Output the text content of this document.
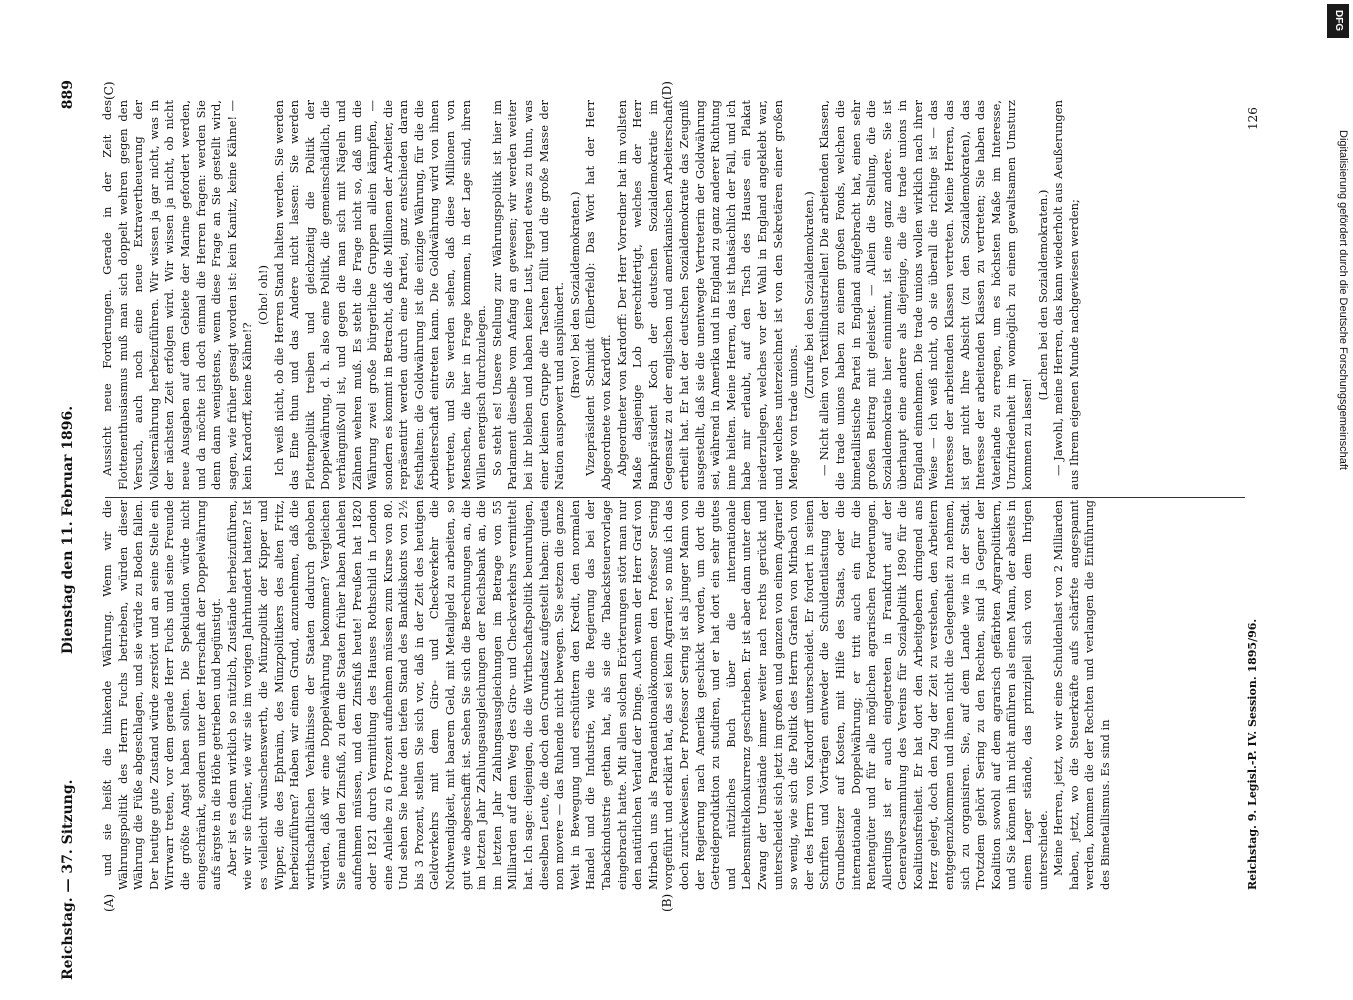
Reichstag. — 37. Sitzung.
Dienstag den 11. Februar 1896.
889
(A)	(B)
(C)	(D)

und sie heißt die hinkende Währung. Wenn wir die Währungspolitik des Herrn Fuchs betrieben, würden dieser Währung die Füße abgeschlagen, und sie würde zu Boden fallen. Der heutige gute Zustand würde zerstört und an seine Stelle ein Wirrwarr treten, vor dem gerade Herr Fuchs und seine Freunde die größte Angst haben sollten. Die Spekulation würde nicht eingeschränkt, sondern unter der Herrschaft der Doppelwährung aufs ärgste in die Höhe getrieben und begünstigt. Aber ist es denn wirklich so nützlich, Zustände herbeizuführen, wie wir sie früher, wie wir sie im vorigen Jahrhundert hatten? Ist es vielleicht wünschenswerth, die Münzpolitik der Kipper und Wipper, die des Ephraim, des Münzpolitikers des alten Fritz, herbeizuführen? Haben wir einen Grund, anzunehmen, daß die wirthschaftlichen Verhältnisse der Staaten dadurch gehoben würden, daß wir eine Doppelwährung bekommen? Vergleichen Sie einmal den Zinsfuß, zu dem die Staaten früher haben Anlehen aufnehmen müssen, und den Zinsfuß heute! Preußen hat 1820 oder 1821 durch Vermittlung des Hauses Rothschild in London eine Anleihe zu 6 Prozent aufnehmen müssen zum Kurse von 80. Und sehen Sie heute den tiefen Stand des Bankdiskonts von 2½ bis 3 Prozent, stellen Sie sich vor, daß in der Zeit des heutigen Geldverkehrs mit dem Giro- und Checkverkehr die Nothwendigkeit, mit baarem Geld, mit Metallgeld zu arbeiten, so gut wie abgeschafft ist. Sehen Sie sich die Berechnungen an, die im letzten Jahr Zahlungsausgleichungen der Reichsbank an, die im letzten Jahr Zahlungsausgleichungen im Betrage von 55 Milliarden auf dem Weg des Giro- und Checkverkehrs vermittelt hat. Ich sage: diejenigen, die die Wirthschaftspolitik beunruhigen, dieselben Leute, die doch den Grundsatz aufgestellt haben: quieta non movere — das Ruhende nicht bewegen. Sie setzen die ganze Welt in Bewegung und erschüttern den Kredit, den normalen Handel und die Industrie, wie die Regierung das bei der Tabackindustrie gethan hat, als sie die Tabacksteuervorlage eingebracht hatte. Mit allen solchen Erörterungen stört man nur den natürlichen Verlauf der Dinge. Auch wenn der Herr Graf von Mirbach uns als Paradenationalökonomen den Professor Sering vorgeführt und erklärt hat, das sei kein Agrarier, so muß ich das doch zurückweisen. Der Professor Sering ist als junger Mann von der Regierung nach Amerika geschickt worden, um dort die Getreideproduktion zu studiren, und er hat dort ein sehr gutes und nützliches Buch über die internationale Lebensmittelkonkurrenz geschrieben. Er ist aber dann unter dem Zwang der Umstände immer weiter nach rechts gerückt und unterscheidet sich jetzt im großen und ganzen von einem Agrarier so wenig, wie sich die Politik des Herrn Grafen von Mirbach von der des Herrn von Kardorff unterscheidet. Er fordert in seinen Schriften und Vorträgen entweder die Schuldentlastung der Grundbesitzer auf Kosten, mit Hilfe des Staats, oder die internationale Doppelwährung; er tritt auch ein für die Rentengüter und für alle möglichen agrarischen Forderungen. Allerdings ist er auch eingetreten in Frankfurt auf der Generalversammlung des Vereins für Sozialpolitik 1890 für die Koalitionsfreiheit. Er hat dort den Arbeitgebern dringend ans Herz gelegt, doch den Zug der Zeit zu verstehen, den Arbeitern entgegenzukommen und ihnen nicht die Gelegenheit zu nehmen, sich zu organisiren. Sie, auf dem Lande wie in der Stadt. Trotzdem gehört Sering zu den Rechten, sind ja Gegner der Koalition sowohl auf dem agrarisch gefärbten Agrarpolitikern, und Sie können ihn nicht anführen als einen Mann, der abseits in einem Lager stände, das prinzipiell sich von dem Ihrigen unterschiede. Meine Herren, jetzt, wo wir eine Schuldenlast von 2 Milliarden haben, jetzt, wo die Steuerkräfte aufs schärfste angespannt werden, kommen die der Rechten und verlangen die Einführung des Bimetallismus. Es sind in

Aussicht neue Forderungen. Gerade in der Zeit des Flottenenthusiasmus muß man sich doppelt wehren gegen den Versuch, auch noch eine neue Extravertheuerung der Volksernährung herbeizuführen. Wir wissen ja gar nicht, was in der nächsten Zeit erfolgen wird. Wir wissen ja nicht, ob nicht neue Ausgaben auf dem Gebiete der Marine gefordert werden, und da möchte ich doch einmal die Herren fragen: werden Sie denn dann wenigstens, wenn diese Frage an Sie gestellt wird, sagen, wie früher gesagt worden ist: kein Kanitz, keine Kähne! — kein Kardorff, keine Kähne!?

(Oho! oh!) Ich weiß nicht, ob die Herren Stand halten werden. Sie werden das Eine thun und das Andere nicht lassen: Sie werden Flottenpolitik treiben und gleichzeitig die Politik der Doppelwährung, d. h. also eine Politik, die gemeinschädlich, die verhängnißvoll ist, und gegen die man sich mit Nägeln und Zähnen wehren muß. Es steht die Frage nicht so, daß um die Währung zwei große bürgerliche Gruppen allein kämpfen, — sondern es kommt in Betracht, daß die Millionen der Arbeiter, die repräsentirt werden durch eine Partei, ganz entschieden daran festhalten: die Goldwährung ist die einzige Währung, für die die Arbeiterschaft eintreten kann. Die Goldwährung wird von ihnen vertreten, und Sie werden sehen, daß diese Millionen von Menschen, die hier in Frage kommen, in der Lage sind, ihren Willen energisch durchzulegen. So steht es! Unsere Stellung zur Währungspolitik ist hier im Parlament dieselbe vom Anfang an gewesen; wir werden weiter bei ihr bleiben und haben keine Lust, irgend etwas zu thun, was einer kleinen Gruppe die Taschen füllt und die große Masse der Nation auspowert und ausplündert. (Bravo! bei den Sozialdemokraten.) Vizepräsident Schmidt (Elberfeld): Das Wort hat der Herr Abgeordnete von Kardorff. Abgeordneter von Kardorff: Der Herr Vorredner hat im vollsten Maße dasjenige Lob gerechtfertigt, welches der Herr Bankpräsident Koch der deutschen Sozialdemokratie im Gegensatz zu der englischen und amerikanischen Arbeiterschaft ertheilt hat. Er hat der deutschen Sozialdemokratie das Zeugniß ausgestellt, daß sie die unentwegte Vertreterin der Goldwährung sei, während in Amerika und in England zu ganz anderer Richtung inne hielten. Meine Herren, das ist thatsächlich der Fall, und ich habe mir erlaubt, auf den Tisch des Hauses ein Plakat niederzulegen, welches vor der Wahl in England angeklebt war, und welches unterzeichnet ist von den Sekretären einer großen Menge von trade unions.

(Zurufe bei den Sozialdemokraten.) — Nicht allein von Textilindustriellen! Die arbeitenden Klassen, die trade unions haben zu einem großen Fonds, welchen die bimetallistische Partei in England aufgebracht hat, einen sehr großen Beitrag mit geleistet. — Allein die Stellung, die die Sozialdemokratie hier einnimmt, ist eine ganz andere. Sie ist überhaupt eine andere als diejenige, die die trade unions in England einnehmen. Die trade unions wollen wirklich nach ihrer Weise — ich weiß nicht, ob sie überall die richtige ist — das Interesse der arbeitenden Klassen vertreten. Meine Herren, das ist gar nicht Ihre Absicht (zu den Sozialdemokraten), das Interesse der arbeitenden Klassen zu vertreten; Sie haben das Vaterlande zu erregen, um es höchsten Maße im Interesse, Unzufriedenheit im womöglich zu einem gewaltsamen Umsturz kommen zu lassen!

(Lachen bei den Sozialdemokraten.) — Jawohl, meine Herren, das kann wiederholt aus Aeußerungen aus Ihrem eigenen Munde nachgewiesen werden;

Reichstag. 9. Legisl.-P. IV. Session. 1895/96.
126
DFG
Digitalisierung gefördert durch die Deutsche Forschungsgemeinschaft
